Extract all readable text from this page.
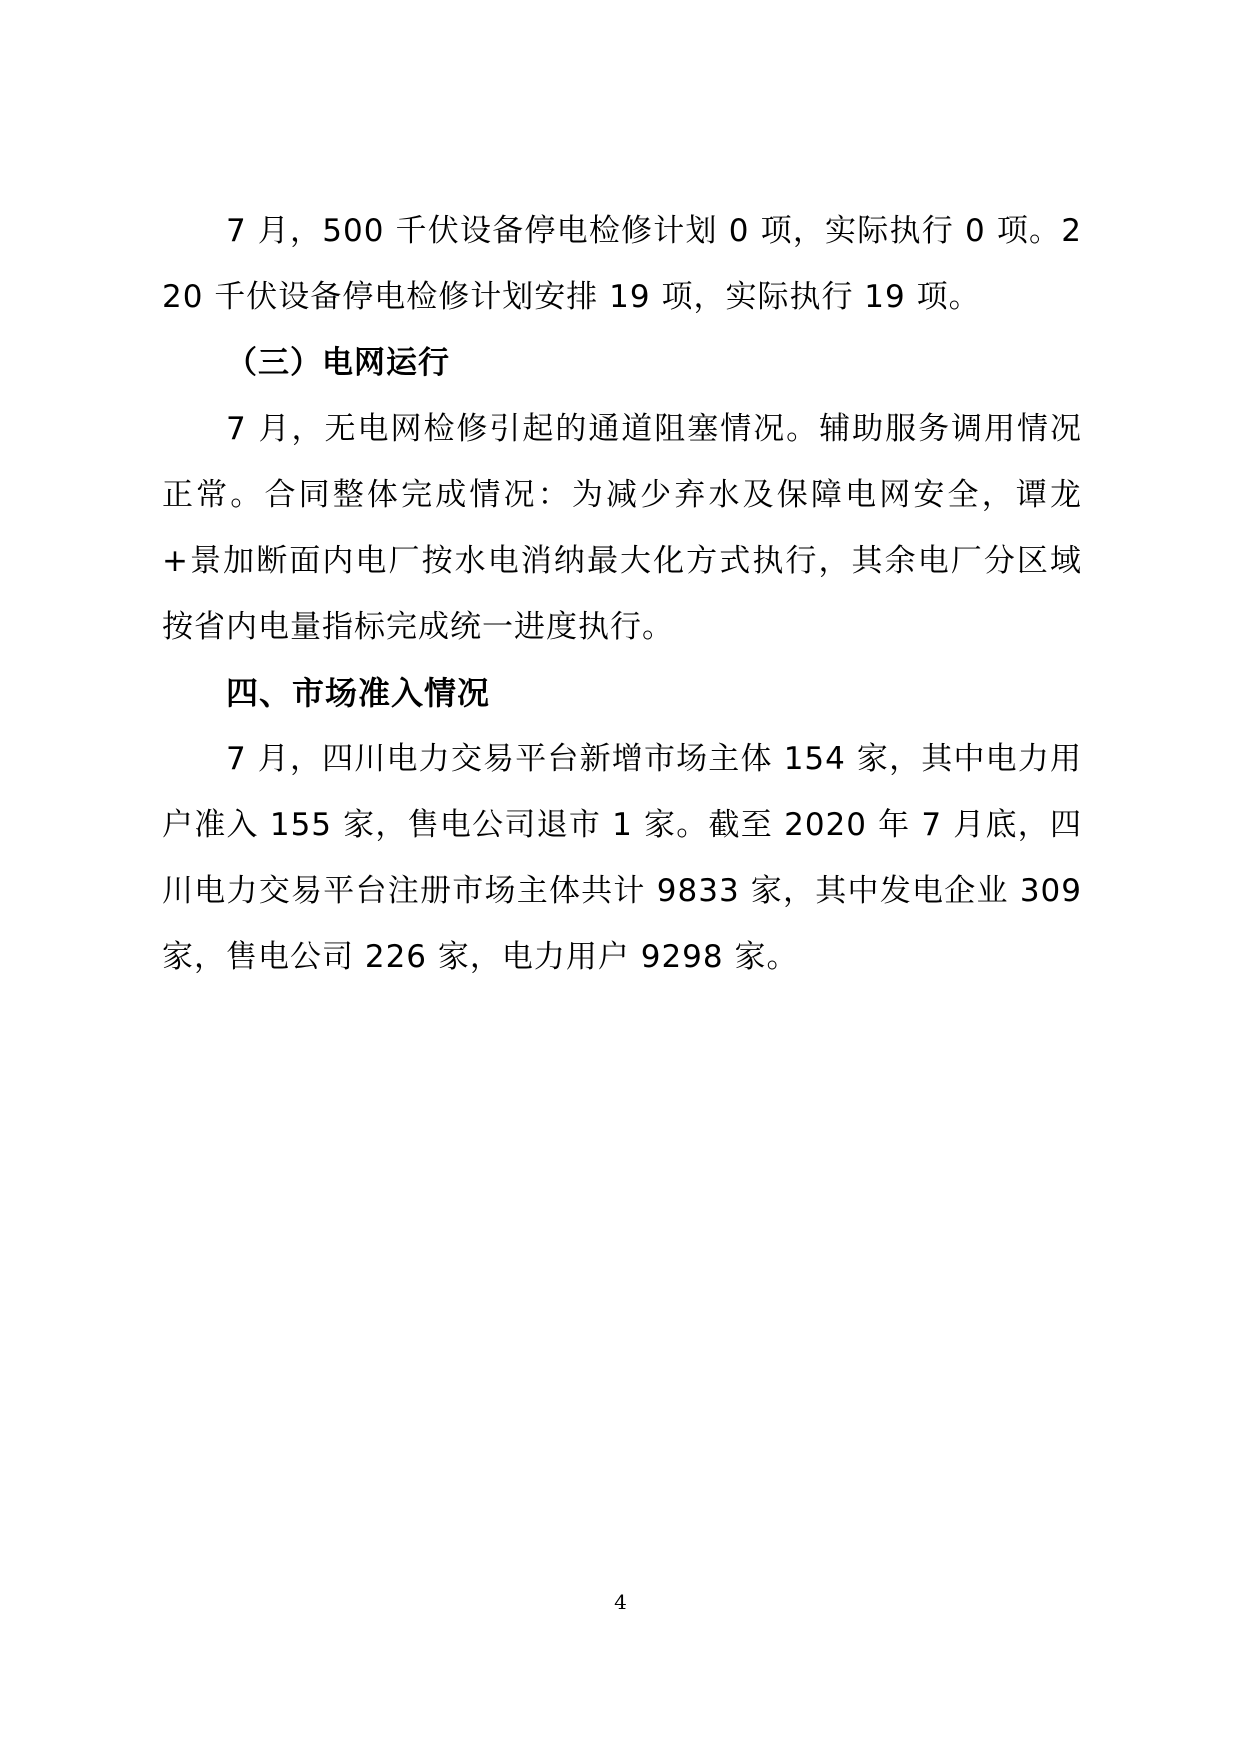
7 月，500 千伏设备停电检修计划 0 项，实际执行 0 项。220 千伏设备停电检修计划安排 19 项，实际执行 19 项。

（三）电网运行

7 月，无电网检修引起的通道阻塞情况。辅助服务调用情况正常。合同整体完成情况：为减少弃水及保障电网安全，谭龙+景加断面内电厂按水电消纳最大化方式执行，其余电厂分区域按省内电量指标完成统一进度执行。

四、市场准入情况

7 月，四川电力交易平台新增市场主体 154 家，其中电力用户准入 155 家，售电公司退市 1 家。截至 2020 年 7 月底，四川电力交易平台注册市场主体共计 9833 家，其中发电企业 309 家，售电公司 226 家，电力用户 9298 家。

4
